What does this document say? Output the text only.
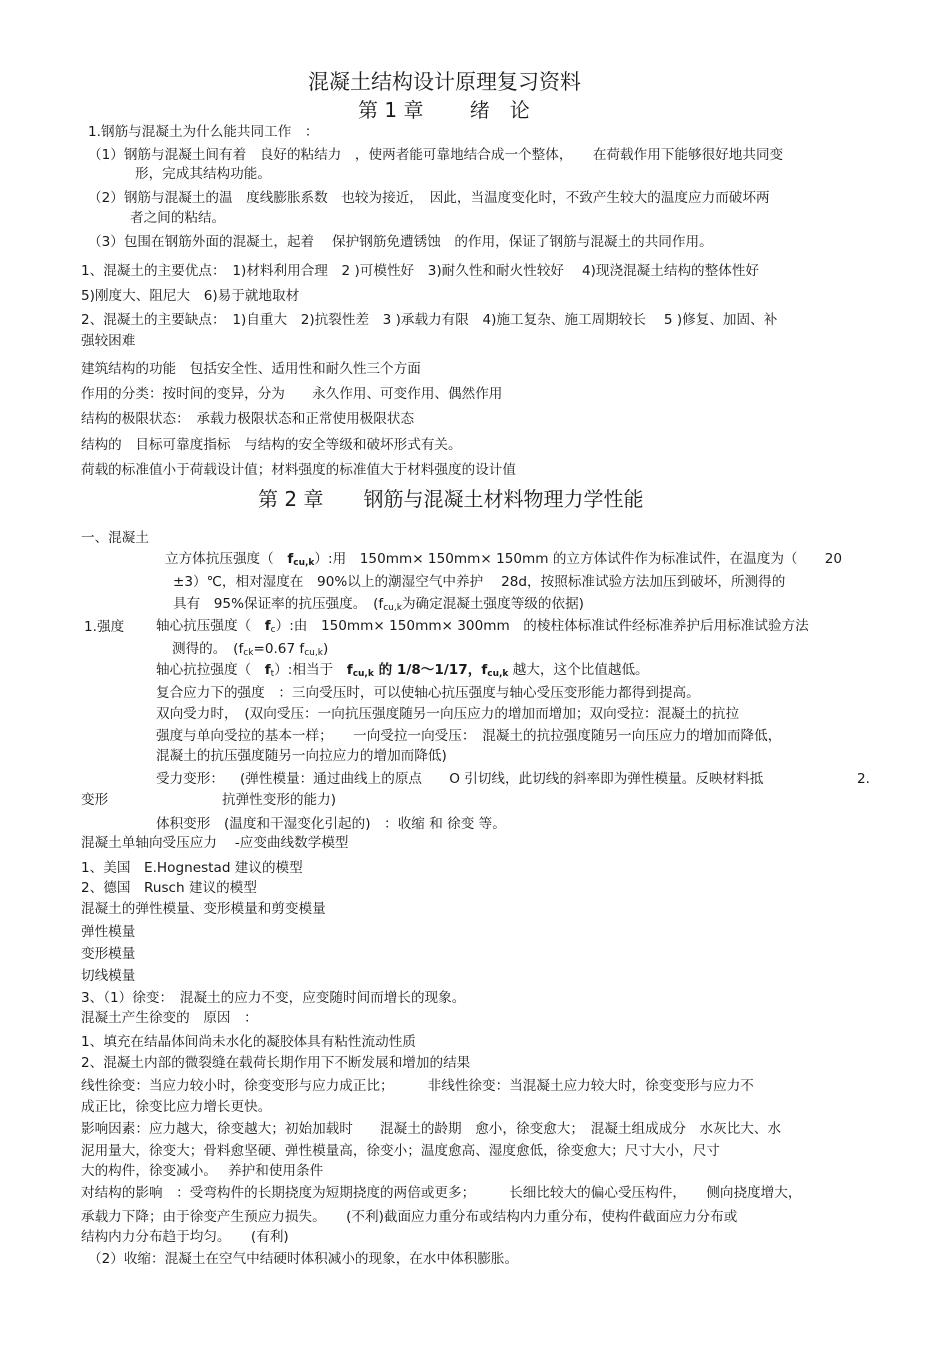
混凝土结构设计原理复习资料
第 1 章　　 绪　论
1.钢筋与混凝土为什么能共同工作　：
（1）钢筋与混凝土间有着　良好的粘结力　，使两者能可靠地结合成一个整体，　　在荷载作用下能够很好地共同变
形，完成其结构功能。
（2）钢筋与混凝土的温　度线膨胀系数　也较为接近，　因此，当温度变化时，不致产生较大的温度应力而破坏两
者之间的粘结。
（3）包围在钢筋外面的混凝土，起着　 保护钢筋免遭锈蚀　的作用，保证了钢筋与混凝土的共同作用。
1、混凝土的主要优点：　1)材料利用合理　2 )可模性好　3)耐久性和耐火性较好　 4)现浇混凝土结构的整体性好
5)刚度大、阻尼大　6)易于就地取材
2、混凝土的主要缺点：　1)自重大　2)抗裂性差　3 )承载力有限　4)施工复杂、施工周期较长　 5 )修复、加固、补
强较困难
建筑结构的功能　包括安全性、适用性和耐久性三个方面
作用的分类：按时间的变异，分为　　永久作用、可变作用、偶然作用
结构的极限状态：　承载力极限状态和正常使用极限状态
结构的　目标可靠度指标　与结构的安全等级和破坏形式有关。
荷载的标准值小于荷载设计值；材料强度的标准值大于材料强度的设计值
第 2 章　　钢筋与混凝土材料物理力学性能
一、混凝土
立方体抗压强度（　$f_{cu,k}$）:用　150mm× 150mm× 150mm 的立方体试件作为标准试件，在温度为（　　20
±3）℃，相对湿度在　90%以上的潮湿空气中养护　 28d，按照标准试验方法加压到破坏，所测得的
具有　95%保证率的抗压强度。　($f_{cu,k}$为确定混凝土强度等级的依据)
1.强度 轴心抗压强度（　$f_c$）:由　150mm× 150mm× 300mm　的棱柱体标准试件经标准养护后用标准试验方法
测得的。　($f_{ck}=0.67$ $f_{cu,k}$)
轴心抗拉强度（　$f_t$）:相当于　$f_{cu,k}$ 的 1/8～1/17，$f_{cu,k}$ 越大，这个比值越低。
复合应力下的强度　：三向受压时，可以使轴心抗压强度与轴心受压变形能力都得到提高。
双向受力时，　(双向受压：一向抗压强度随另一向压应力的增加而增加；双向受拉：混凝土的抗拉
强度与单向受拉的基本一样；　　一向受拉一向受压：　混凝土的抗拉强度随另一向压应力的增加而降低，
混凝土的抗压强度随另一向拉应力的增加而降低)
受力变形： (弹性模量：通过曲线上的原点　　O 引切线，此切线的斜率即为弹性模量。反映材料抵	2.
变形	抗弹性变形的能力)
体积变形　(温度和干湿变化引起的)　：收缩 和 徐变 等。
混凝土单轴向受压应力　 -应变曲线数学模型
1、美国　E.Hognestad 建议的模型
2、德国　Rusch 建议的模型
混凝土的弹性模量、变形模量和剪变模量
弹性模量
变形模量
切线模量
3、（1）徐变：　混凝土的应力不变，应变随时间而增长的现象。
混凝土产生徐变的　原因　：
1、填充在结晶体间尚未水化的凝胶体具有粘性流动性质
2、混凝土内部的微裂缝在载荷长期作用下不断发展和增加的结果
线性徐变：当应力较小时，徐变变形与应力成正比；　　　非线性徐变：当混凝土应力较大时，徐变变形与应力不
成正比，徐变比应力增长更快。
影响因素：应力越大，徐变越大；初始加载时　　混凝土的龄期　愈小，徐变愈大；　混凝土组成成分　水灰比大、水
泥用量大，徐变大；骨料愈坚硬、弹性模量高，徐变小；温度愈高、湿度愈低，徐变愈大；尺寸大小，尺寸
大的构件，徐变减小。　 养护和使用条件
对结构的影响　：受弯构件的长期挠度为短期挠度的两倍或更多；　　　长细比较大的偏心受压构件，　　侧向挠度增大，
承载力下降；由于徐变产生预应力损失。　　(不利)截面应力重分布或结构内力重分布，使构件截面应力分布或
结构内力分布趋于均匀。　　(有利)
（2）收缩：混凝土在空气中结硬时体积减小的现象，在水中体积膨胀。
